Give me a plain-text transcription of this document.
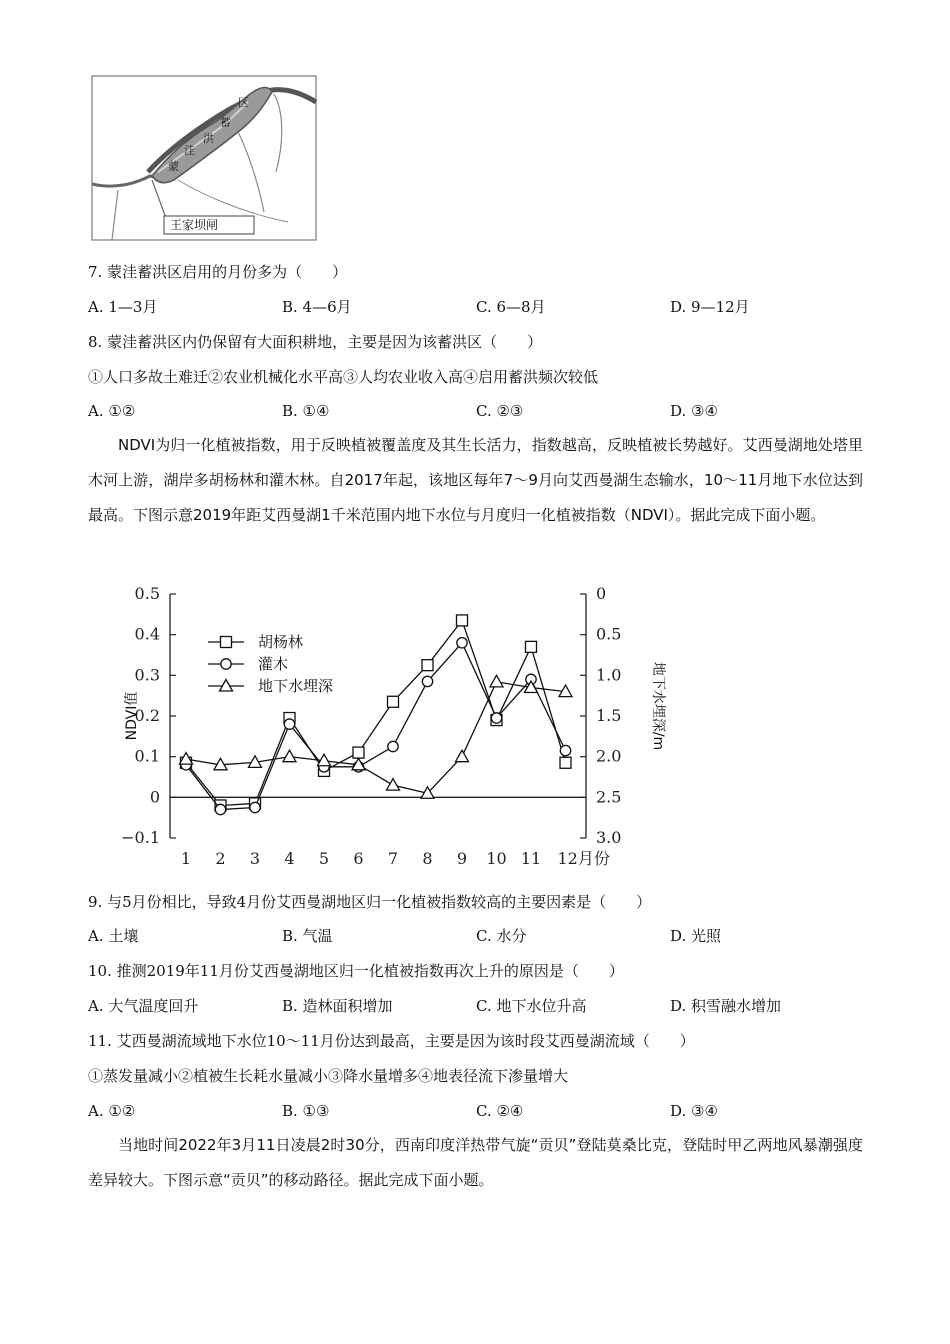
区
蓄
洪
洼
蒙
王家坝闸
7. 蒙洼蓄洪区启用的月份多为（　　）
A. 1—3月	B. 4—6月	C. 6—8月	D. 9—12月
8. 蒙洼蓄洪区内仍保留有大面积耕地，主要是因为该蓄洪区（　　）
①人口多故土难迁②农业机械化水平高③人均农业收入高④启用蓄洪频次较低
A. ①②	B. ①④	C. ②③	D. ③④
NDVI为归一化植被指数，用于反映植被覆盖度及其生长活力，指数越高，反映植被长势越好。艾西曼湖地处塔里木河上游，湖岸多胡杨林和灌木林。自2017年起，该地区每年7～9月向艾西曼湖生态输水，10～11月地下水位达到最高。下图示意2019年距艾西曼湖1千米范围内地下水位与月度归一化植被指数（NDVI）。据此完成下面小题。
0.5
0.4
0.3
0.2
0.1
0
−0.1
0
0.5
1.0
1.5
2.0
2.5
3.0
1 2 3 4 5 6 7 8 9 10 11 12月份
NDVI值	地下水埋深/m
胡杨林
灌木
地下水埋深
9. 与5月份相比，导致4月份艾西曼湖地区归一化植被指数较高的主要因素是（　　）
A. 土壤	B. 气温	C. 水分	D. 光照
10. 推测2019年11月份艾西曼湖地区归一化植被指数再次上升的原因是（　　）
A. 大气温度回升	B. 造林面积增加	C. 地下水位升高	D. 积雪融水增加
11. 艾西曼湖流域地下水位10～11月份达到最高，主要是因为该时段艾西曼湖流域（　　）
①蒸发量减小②植被生长耗水量减小③降水量增多④地表径流下渗量增大
A. ①②	B. ①③	C. ②④	D. ③④
当地时间2022年3月11日凌晨2时30分，西南印度洋热带气旋“贡贝”登陆莫桑比克，登陆时甲乙两地风暴潮强度差异较大。下图示意“贡贝”的移动路径。据此完成下面小题。
